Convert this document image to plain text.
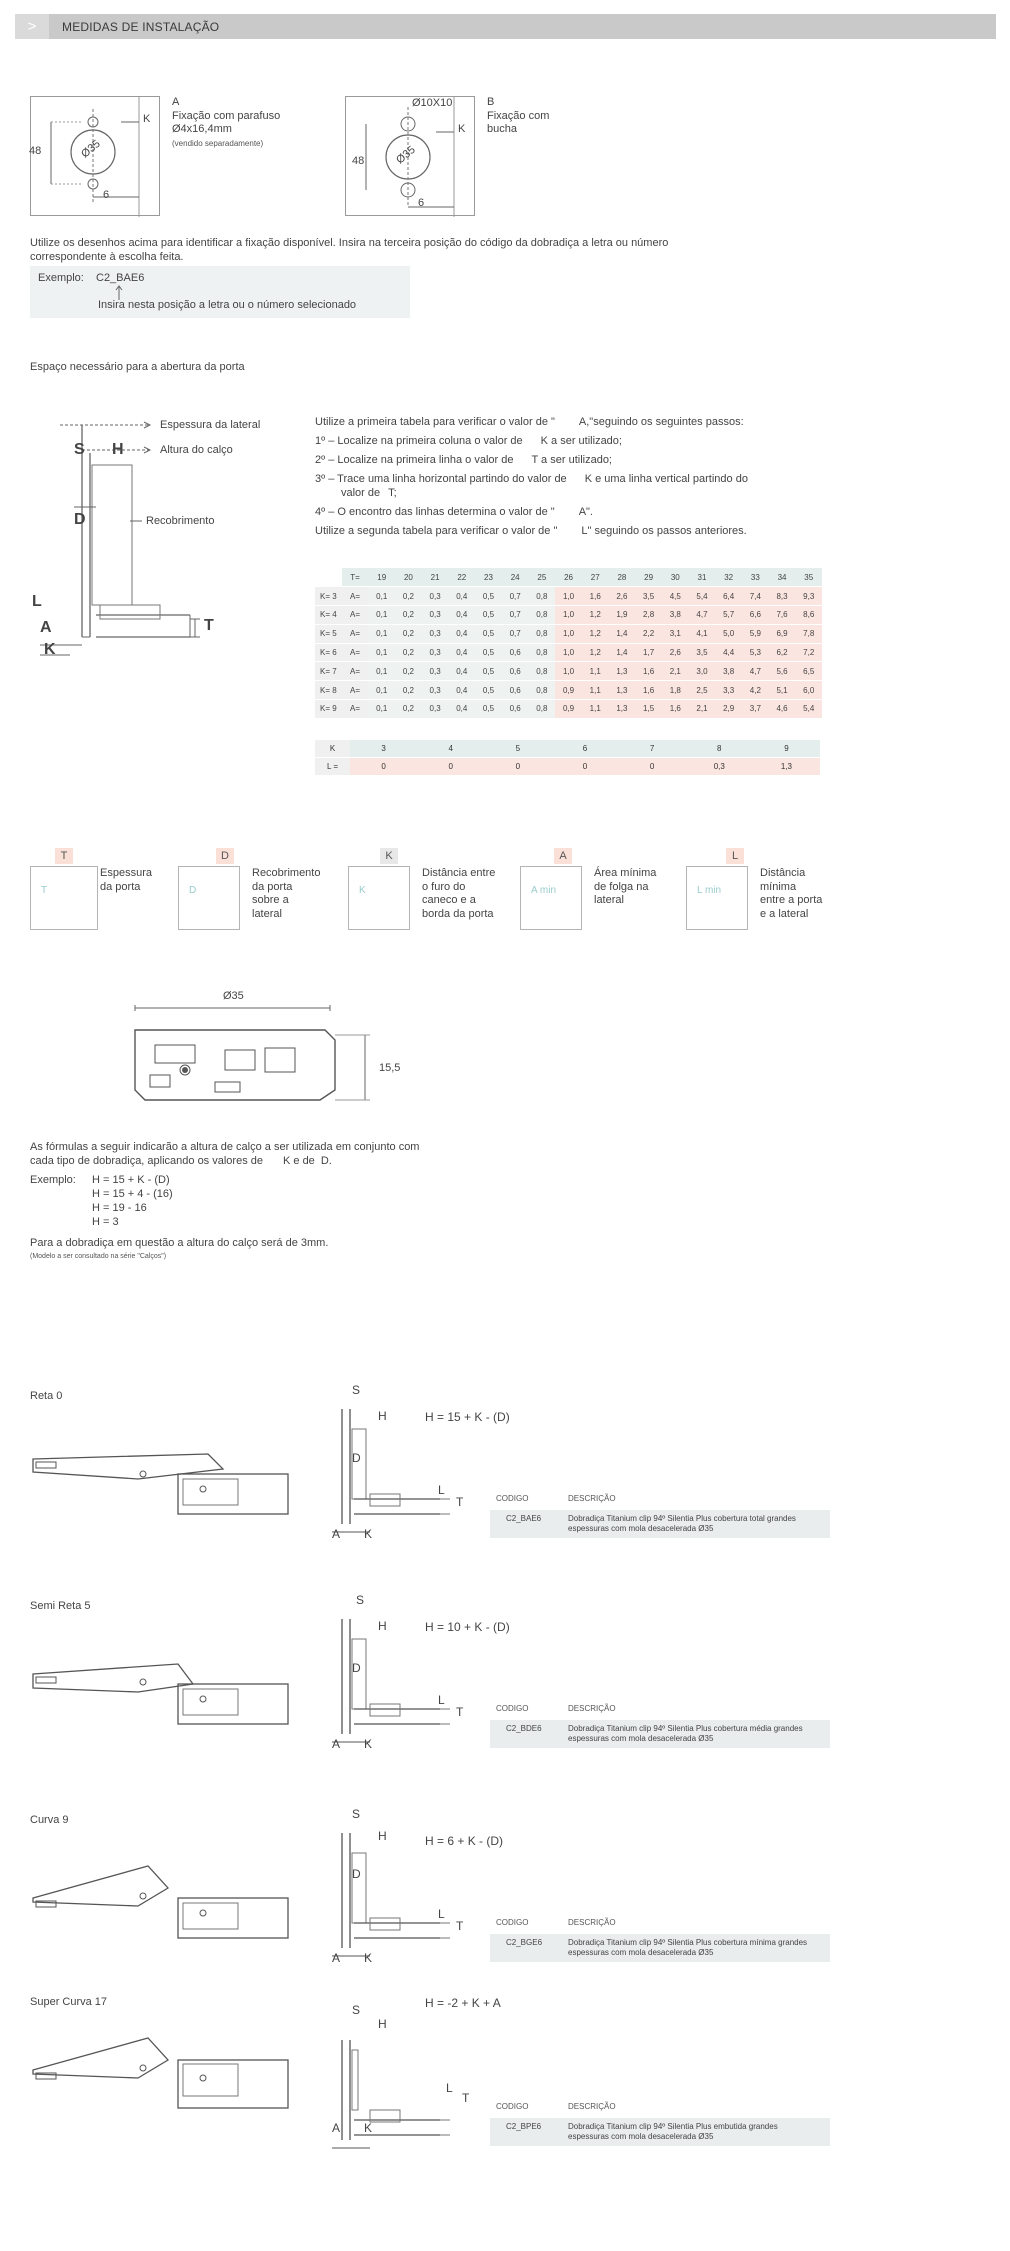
>	MEDIDAS DE INSTALAÇÃO
48	Ø35
6
K
A
Fixação com parafuso
Ø4x16,4mm
(vendido separadamente)
Ø10X10
48	Ø35
6
K
B
Fixação com
bucha
Utilize os desenhos acima para identificar a fixação disponível. Insira na terceira posição do código da dobradiça a letra ou número
correspondente à escolha feita.
Exemplo: C2_BAE6
Insira nesta posição a letra ou o número selecionado
Espaço necessário para a abertura da porta
Espessura da lateral
Altura do calço
Recobrimento
S H
D
L
A
K
T
Utilize a primeira tabela para verificar o valor de " A,"seguindo os seguintes passos:
1º – Localize na primeira coluna o valor de K a ser utilizado;
2º – Localize na primeira linha o valor de T a ser utilizado;
3º – Trace uma linha horizontal partindo do valor de K e uma linha vertical partindo do
valor de T;
4º – O encontro das linhas determina o valor de " A".
Utilize a segunda tabela para verificar o valor de " L" seguindo os passos anteriores.
	T=	19	20	21	22	23	24	25	26	27	28	29	30	31	32	33	34	35
K= 3	A=	0,1	0,2	0,3	0,4	0,5	0,7	0,8	1,0	1,6	2,6	3,5	4,5	5,4	6,4	7,4	8,3	9,3
K= 4	A=	0,1	0,2	0,3	0,4	0,5	0,7	0,8	1,0	1,2	1,9	2,8	3,8	4,7	5,7	6,6	7,6	8,6
K= 5	A=	0,1	0,2	0,3	0,4	0,5	0,7	0,8	1,0	1,2	1,4	2,2	3,1	4,1	5,0	5,9	6,9	7,8
K= 6	A=	0,1	0,2	0,3	0,4	0,5	0,6	0,8	1,0	1,2	1,4	1,7	2,6	3,5	4,4	5,3	6,2	7,2
K= 7	A=	0,1	0,2	0,3	0,4	0,5	0,6	0,8	1,0	1,1	1,3	1,6	2,1	3,0	3,8	4,7	5,6	6,5
K= 8	A=	0,1	0,2	0,3	0,4	0,5	0,6	0,8	0,9	1,1	1,3	1,6	1,8	2,5	3,3	4,2	5,1	6,0
K= 9	A=	0,1	0,2	0,3	0,4	0,5	0,6	0,8	0,9	1,1	1,3	1,5	1,6	2,1	2,9	3,7	4,6	5,4
K	3	4	5	6	7	8	9
L =	0	0	0	0	0	0,3	1,3
T
T
Espessura
da porta
D
D
Recobrimento
da porta
sobre a
lateral
K
K
Distância entre
o furo do
caneco e a
borda da porta
A
A min
Área mínima
de folga na
lateral
L
L min
Distância
mínima
entre a porta
e a lateral
Ø35
15,5
As fórmulas a seguir indicarão a altura de calço a ser utilizada em conjunto com
cada tipo de dobradiça, aplicando os valores de K e de D.
Exemplo:	H = 15 + K - (D)
H = 15 + 4 - (16)
H = 19 - 16
H = 3
Para a dobradiça em questão a altura do calço será de 3mm.
(Modelo a ser consultado na série "Calços")
Reta 0	S
H
D
L
T
A K
H = 15 + K - (D)
CODIGO	DESCRIÇÃO
C2_BAE6	Dobradiça Titanium clip 94º Silentia Plus cobertura total grandes
espessuras com mola desacelerada Ø35
Semi Reta 5	S
H
D
L
T
A K
H = 10 + K - (D)
CODIGO	DESCRIÇÃO
C2_BDE6	Dobradiça Titanium clip 94º Silentia Plus cobertura média grandes
espessuras com mola desacelerada Ø35
Curva 9	S
H
D
L
T
A K
H = 6 + K - (D)
CODIGO	DESCRIÇÃO
C2_BGE6	Dobradiça Titanium clip 94º Silentia Plus cobertura mínima grandes
espessuras com mola desacelerada Ø35
Super Curva 17
S
H
L
T
A K
H = -2 + K + A
CODIGO	DESCRIÇÃO
C2_BPE6	Dobradiça Titanium clip 94º Silentia Plus embutida grandes
espessuras com mola desacelerada Ø35
